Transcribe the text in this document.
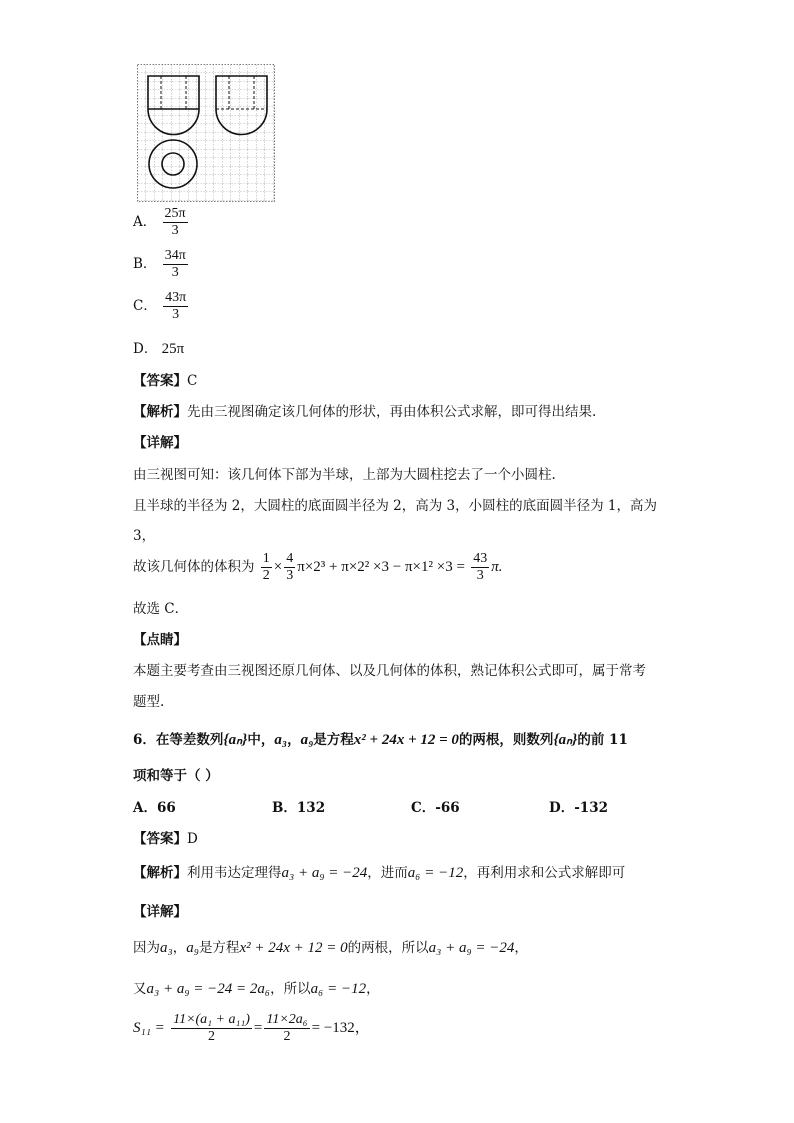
A． $\frac{25\pi}{3}$
B． $\frac{34\pi}{3}$
C． $\frac{43\pi}{3}$
D． 25π
【答案】C
【解析】先由三视图确定该几何体的形状，再由体积公式求解，即可得出结果.
【详解】
由三视图可知：该几何体下部为半球，上部为大圆柱挖去了一个小圆柱.
且半球的半径为 2，大圆柱的底面圆半径为 2，高为 3，小圆柱的底面圆半径为 1，高为
3，
故该几何体的体积为 $\frac{1}{2} \times \frac{4}{3} \pi\times 2^3 + \pi\times 2^2 \times 3 - \pi\times 1^2 \times 3 = \frac{43}{3} \pi$.
故选 C．
【点睛】
本题主要考查由三视图还原几何体、以及几何体的体积，熟记体积公式即可，属于常考
题型.
6．在等差数列{aₙ}中，a₃，a₉是方程x² + 24x + 12 = 0的两根，则数列{aₙ}的前 11
项和等于（ ）
A．66	B．132	C．-66	D．-132
【答案】D
【解析】利用韦达定理得a₃ + a₉ = −24，进而a₆ = −12，再利用求和公式求解即可
【详解】
因为a₃，a₉是方程x² + 24x + 12 = 0的两根，所以a₃ + a₉ = −24，
又a₃ + a₉ = −24 = 2a₆，所以a₆ = −12，
$S_{11} = \frac{\text{11×(a₁ + a₁₁)}}{2} = \frac{\text{11×2a₆}}{2} = -132$，
